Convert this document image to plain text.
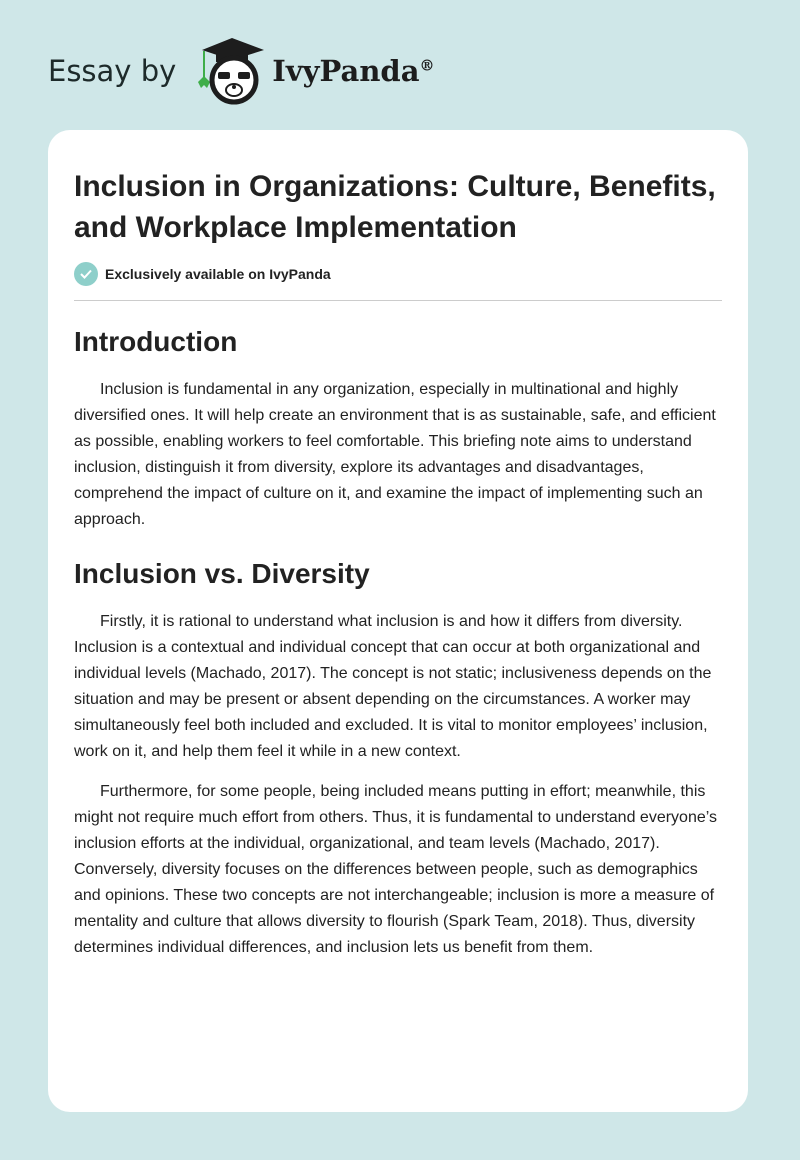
Essay by	IvyPanda®
Inclusion in Organizations: Culture, Benefits, and Workplace Implementation
Exclusively available on IvyPanda
Introduction

Inclusion is fundamental in any organization, especially in multinational and highly diversified ones. It will help create an environment that is as sustainable, safe, and efficient as possible, enabling workers to feel comfortable. This briefing note aims to understand inclusion, distinguish it from diversity, explore its advantages and disadvantages, comprehend the impact of culture on it, and examine the impact of implementing such an approach.

Inclusion vs. Diversity

Firstly, it is rational to understand what inclusion is and how it differs from diversity. Inclusion is a contextual and individual concept that can occur at both organizational and individual levels (Machado, 2017). The concept is not static; inclusiveness depends on the situation and may be present or absent depending on the circumstances. A worker may simultaneously feel both included and excluded. It is vital to monitor employees’ inclusion, work on it, and help them feel it while in a new context.

Furthermore, for some people, being included means putting in effort; meanwhile, this might not require much effort from others. Thus, it is fundamental to understand everyone’s inclusion efforts at the individual, organizational, and team levels (Machado, 2017). Conversely, diversity focuses on the differences between people, such as demographics and opinions. These two concepts are not interchangeable; inclusion is more a measure of mentality and culture that allows diversity to flourish (Spark Team, 2018). Thus, diversity determines individual differences, and inclusion lets us benefit from them.
